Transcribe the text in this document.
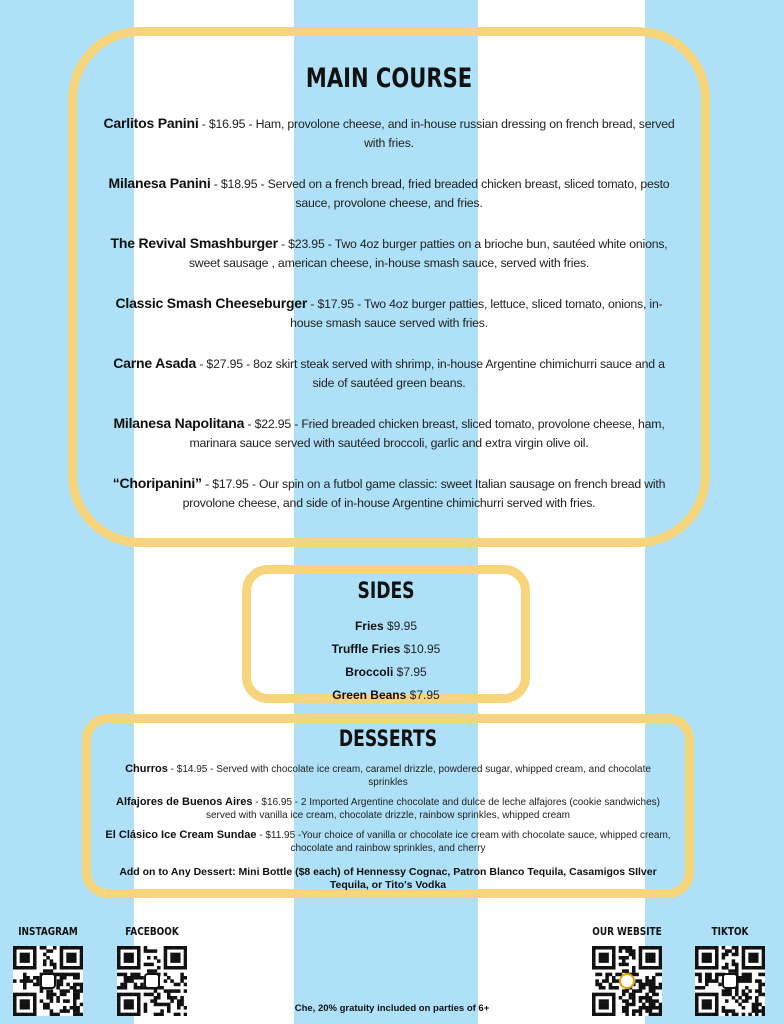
MAIN COURSE

Carlitos Panini - $16.95 - Ham, provolone cheese, and in-house russian dressing on french bread, served with fries.

Milanesa Panini - $18.95 - Served on a french bread, fried breaded chicken breast, sliced tomato, pesto sauce, provolone cheese, and fries.

The Revival Smashburger - $23.95 - Two 4oz burger patties on a brioche bun, sautéed white onions, sweet sausage , american cheese, in-house smash sauce, served with fries.

Classic Smash Cheeseburger - $17.95 - Two 4oz burger patties, lettuce, sliced tomato, onions, in-house smash sauce served with fries.

Carne Asada - $27.95 - 8oz skirt steak served with shrimp, in-house Argentine chimichurri sauce and a side of sautéed green beans.

Milanesa Napolitana - $22.95 - Fried breaded chicken breast, sliced tomato, provolone cheese, ham, marinara sauce served with sautéed broccoli, garlic and extra virgin olive oil.

“Choripanini” - $17.95 - Our spin on a futbol game classic: sweet Italian sausage on french bread with provolone cheese, and side of in-house Argentine chimichurri served with fries.

SIDES
Fries $9.95
Truffle Fries $10.95
Broccoli $7.95
Green Beans $7.95
DESSERTS

Churros - $14.95 - Served with chocolate ice cream, caramel drizzle, powdered sugar, whipped cream, and chocolate sprinkles

Alfajores de Buenos Aires - $16.95 - 2 Imported Argentine chocolate and dulce de leche alfajores (cookie sandwiches) served with vanilla ice cream, chocolate drizzle, rainbow sprinkles, whipped cream

El Clásico Ice Cream Sundae - $11.95 -Your choice of vanilla or chocolate ice cream with chocolate sauce, whipped cream, chocolate and rainbow sprinkles, and cherry

Add on to Any Dessert: Mini Bottle ($8 each) of Hennessy Cognac, Patron Blanco Tequila, Casamigos SIlver Tequila, or Tito's Vodka

INSTAGRAM	FACEBOOK	OUR WEBSITE	TIKTOK
Che, 20% gratuity included on parties of 6+
